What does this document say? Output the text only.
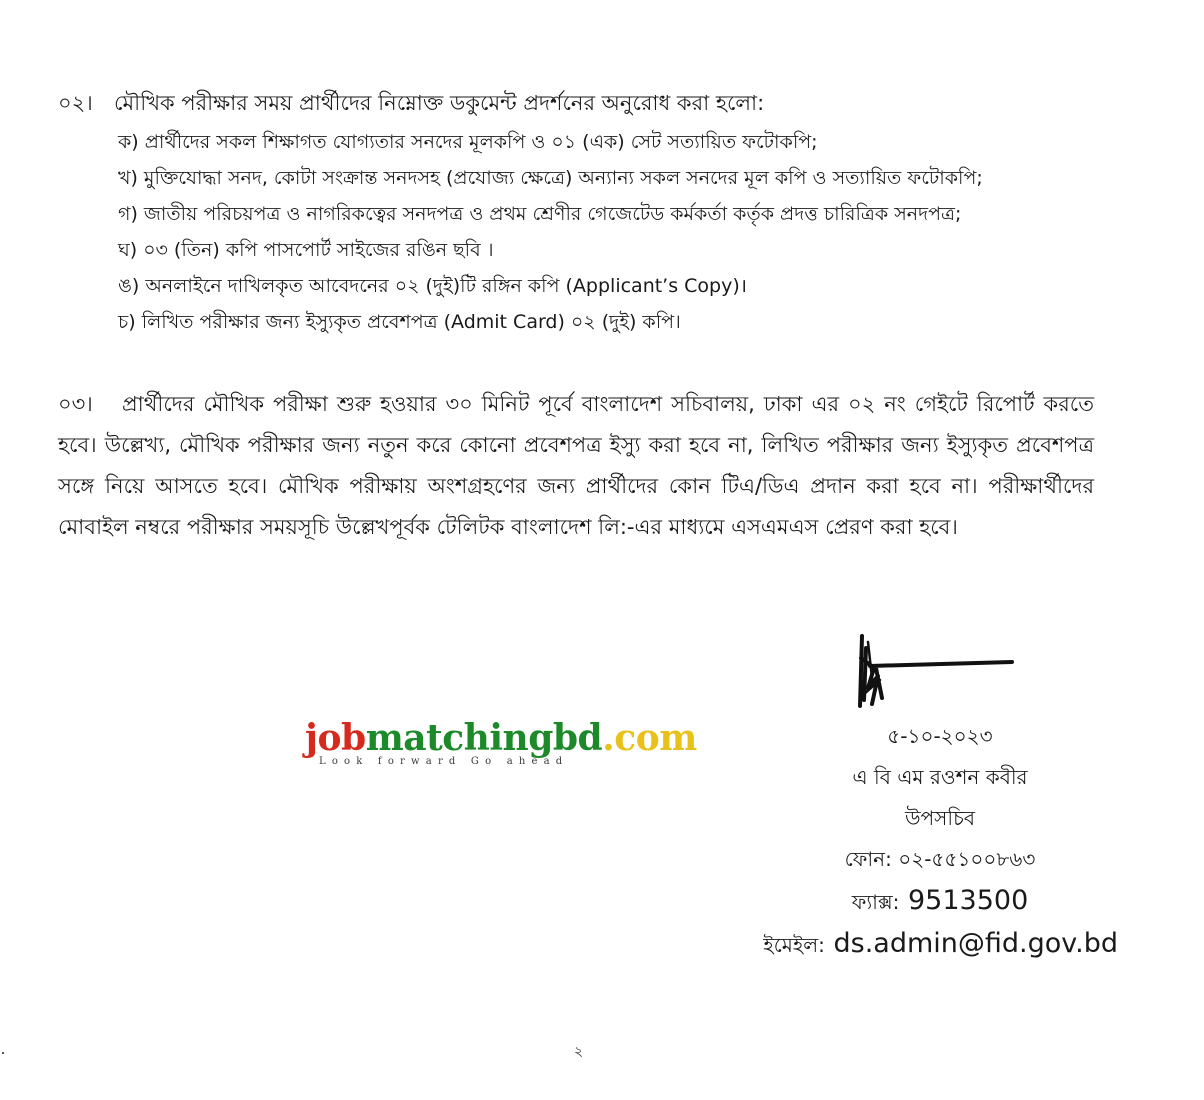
০২। মৌখিক পরীক্ষার সময় প্রার্থীদের নিম্নোক্ত ডকুমেন্ট প্রদর্শনের অনুরোধ করা হলো:
ক) প্রার্থীদের সকল শিক্ষাগত যোগ্যতার সনদের মূলকপি ও ০১ (এক) সেট সত্যায়িত ফটোকপি;
খ) মুক্তিযোদ্ধা সনদ, কোটা সংক্রান্ত সনদসহ (প্রযোজ্য ক্ষেত্রে) অন্যান্য সকল সনদের মূল কপি ও সত্যায়িত ফটোকপি;
গ) জাতীয় পরিচয়পত্র ও নাগরিকত্বের সনদপত্র ও প্রথম শ্রেণীর গেজেটেড কর্মকর্তা কর্তৃক প্রদত্ত চারিত্রিক সনদপত্র;
ঘ) ০৩ (তিন) কপি পাসপোর্ট সাইজের রঙিন ছবি ।
ঙ) অনলাইনে দাখিলকৃত আবেদনের ০২ (দুই)টি রঙ্গিন কপি (Applicant’s Copy)।
চ) লিখিত পরীক্ষার জন্য ইস্যুকৃত প্রবেশপত্র (Admit Card) ০২ (দুই) কপি।
০৩। প্রার্থীদের মৌখিক পরীক্ষা শুরু হওয়ার ৩০ মিনিট পূর্বে বাংলাদেশ সচিবালয়, ঢাকা এর ০২ নং গেইটে রিপোর্ট করতে হবে। উল্লেখ্য, মৌখিক পরীক্ষার জন্য নতুন করে কোনো প্রবেশপত্র ইস্যু করা হবে না, লিখিত পরীক্ষার জন্য ইস্যুকৃত প্রবেশপত্র সঙ্গে নিয়ে আসতে হবে। মৌখিক পরীক্ষায় অংশগ্রহণের জন্য প্রার্থীদের কোন টিএ/ডিএ প্রদান করা হবে না। পরীক্ষার্থীদের মোবাইল নম্বরে পরীক্ষার সময়সূচি উল্লেখপূর্বক টেলিটক বাংলাদেশ লি:-এর মাধ্যমে এসএমএস প্রেরণ করা হবে।
jobmatchingbd.com
Look forward Go ahead
৫-১০-২০২৩
এ বি এম রওশন কবীর
উপসচিব
ফোন: ০২-৫৫১০০৮৬৩
ফ্যাক্স: 9513500
ইমেইল: ds.admin@fid.gov.bd
২
